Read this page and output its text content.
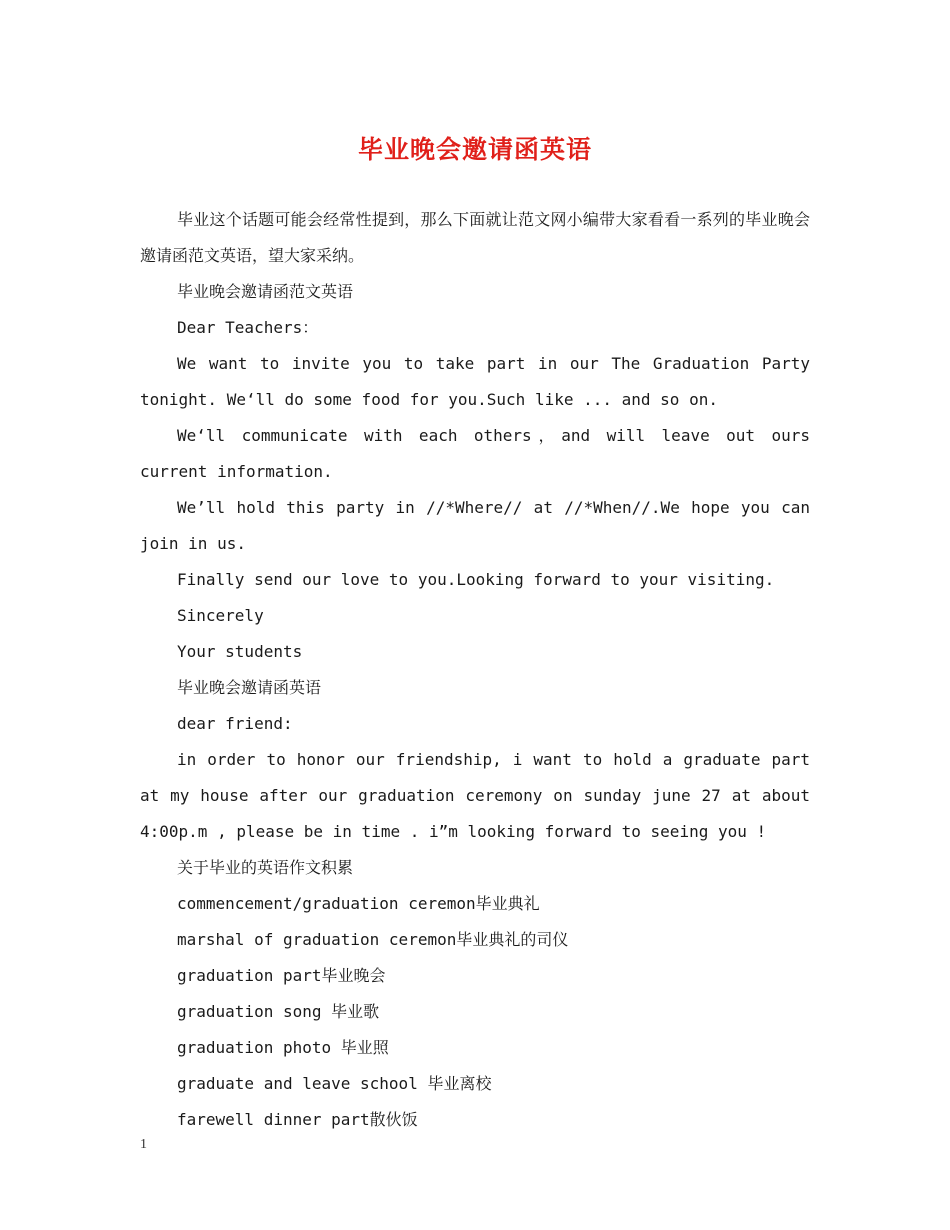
毕业晚会邀请函英语

毕业这个话题可能会经常性提到，那么下面就让范文网小编带大家看看一系列的毕业晚会邀请函范文英语，望大家采纳。

毕业晚会邀请函范文英语

Dear Teachers：

We want to invite you to take part in our The Graduation Party tonight. We‘ll do some food for you.Such like ... and so on.

We‘ll communicate with each others，and will leave out ours current information.

We’ll hold this party in //*Where// at //*When//.We hope you can join in us.

Finally send our love to you.Looking forward to your visiting.

Sincerely

Your students

毕业晚会邀请函英语

dear friend:

in order to honor our friendship, i want to hold a graduate part at my house after our graduation ceremony on sunday june 27 at about 4:00p.m , please be in time . i”m looking forward to seeing you !

关于毕业的英语作文积累

commencement/graduation ceremon毕业典礼

marshal of graduation ceremon毕业典礼的司仪

graduation part毕业晚会

graduation song 毕业歌

graduation photo 毕业照

graduate and leave school 毕业离校

farewell dinner part散伙饭

1
